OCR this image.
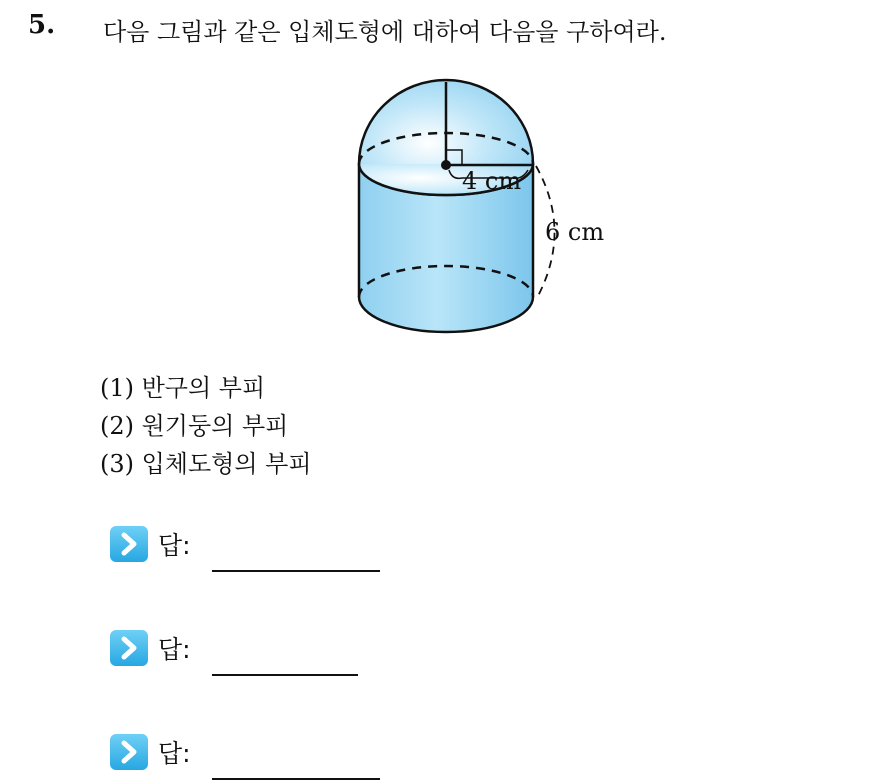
5. 다음 그림과 같은 입체도형에 대하여 다음을 구하여라.
4 cm
6 cm
(1) 반구의 부피
(2) 원기둥의 부피
(3) 입체도형의 부피
답:
답:
답:
